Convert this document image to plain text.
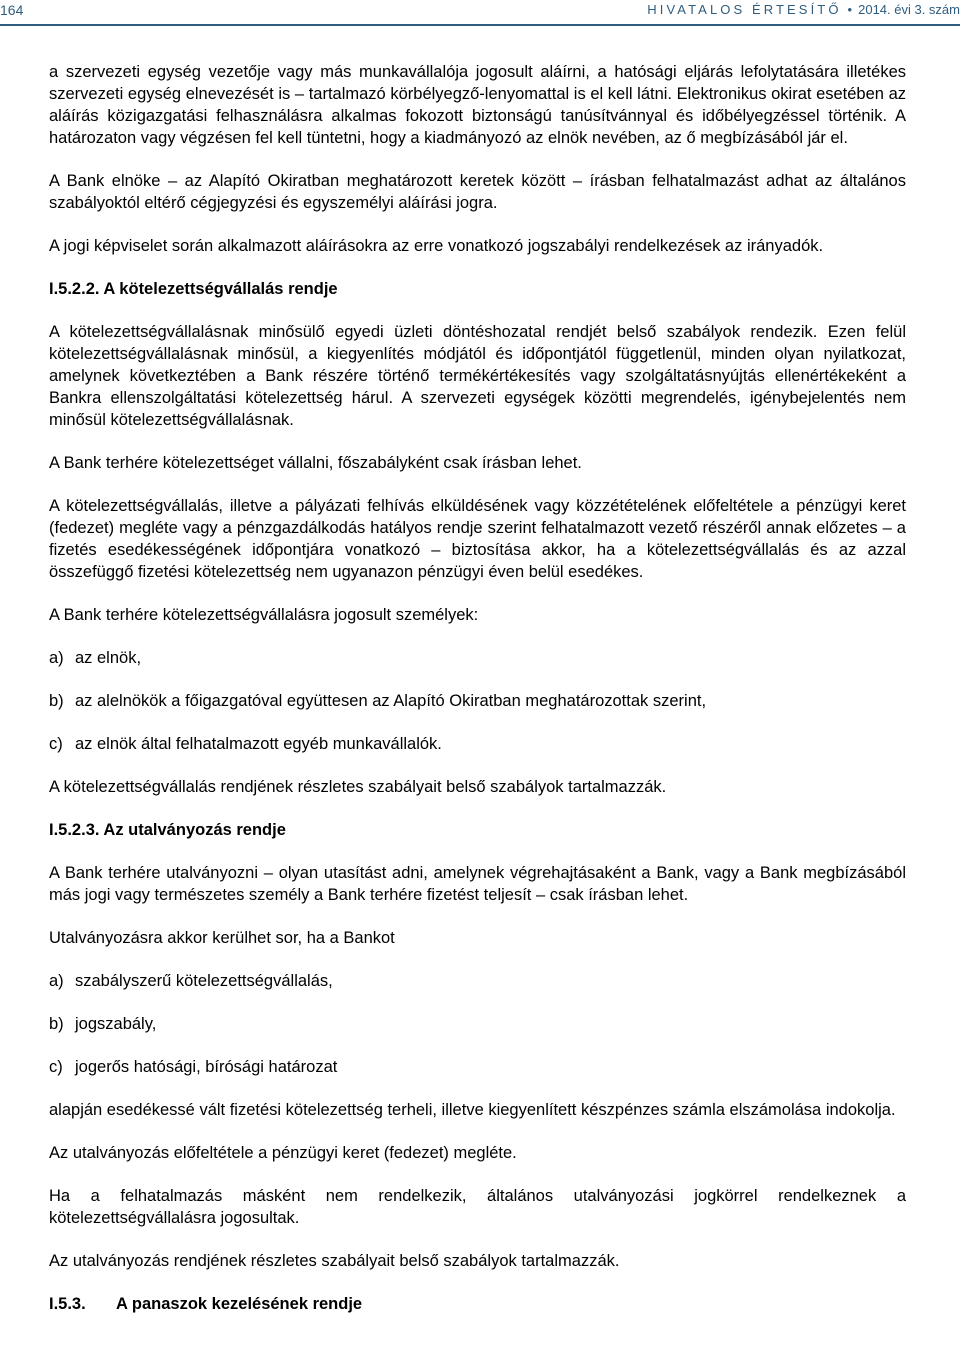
164	HIVATALOS ÉRTESÍTŐ • 2014. évi 3. szám

a szervezeti egység vezetője vagy más munkavállalója jogosult aláírni, a hatósági eljárás lefolytatására illetékes szervezeti egység elnevezését is – tartalmazó körbélyegző-lenyomattal is el kell látni. Elektronikus okirat esetében az aláírás közigazgatási felhasználásra alkalmas fokozott biztonságú tanúsítvánnyal és időbélyegzéssel történik. A határozaton vagy végzésen fel kell tüntetni, hogy a kiadmányozó az elnök nevében, az ő megbízásából jár el.

A Bank elnöke – az Alapító Okiratban meghatározott keretek között – írásban felhatalmazást adhat az általános szabályoktól eltérő cégjegyzési és egyszemélyi aláírási jogra.

A jogi képviselet során alkalmazott aláírásokra az erre vonatkozó jogszabályi rendelkezések az irányadók.

I.5.2.2. A kötelezettségvállalás rendje

A kötelezettségvállalásnak minősülő egyedi üzleti döntéshozatal rendjét belső szabályok rendezik. Ezen felül kötelezettségvállalásnak minősül, a kiegyenlítés módjától és időpontjától függetlenül, minden olyan nyilatkozat, amelynek következtében a Bank részére történő termékértékesítés vagy szolgáltatásnyújtás ellenértékeként a Bankra ellenszolgáltatási kötelezettség hárul. A szervezeti egységek közötti megrendelés, igénybejelentés nem minősül kötelezettségvállalásnak.

A Bank terhére kötelezettséget vállalni, főszabályként csak írásban lehet.

A kötelezettségvállalás, illetve a pályázati felhívás elküldésének vagy közzétételének előfeltétele a pénzügyi keret (fedezet) megléte vagy a pénzgazdálkodás hatályos rendje szerint felhatalmazott vezető részéről annak előzetes – a fizetés esedékességének időpontjára vonatkozó – biztosítása akkor, ha a kötelezettségvállalás és az azzal összefüggő fizetési kötelezettség nem ugyanazon pénzügyi éven belül esedékes.

A Bank terhére kötelezettségvállalásra jogosult személyek:

a) az elnök,
b) az alelnökök a főigazgatóval együttesen az Alapító Okiratban meghatározottak szerint,
c) az elnök által felhatalmazott egyéb munkavállalók.

A kötelezettségvállalás rendjének részletes szabályait belső szabályok tartalmazzák.

I.5.2.3. Az utalványozás rendje

A Bank terhére utalványozni – olyan utasítást adni, amelynek végrehajtásaként a Bank, vagy a Bank megbízásából más jogi vagy természetes személy a Bank terhére fizetést teljesít – csak írásban lehet.

Utalványozásra akkor kerülhet sor, ha a Bankot

a) szabályszerű kötelezettségvállalás,
b) jogszabály,
c) jogerős hatósági, bírósági határozat

alapján esedékessé vált fizetési kötelezettség terheli, illetve kiegyenlített készpénzes számla elszámolása indokolja.

Az utalványozás előfeltétele a pénzügyi keret (fedezet) megléte.

Ha a felhatalmazás másként nem rendelkezik, általános utalványozási jogkörrel rendelkeznek a kötelezettségvállalásra jogosultak.

Az utalványozás rendjének részletes szabályait belső szabályok tartalmazzák.

I.5.3. A panaszok kezelésének rendje
